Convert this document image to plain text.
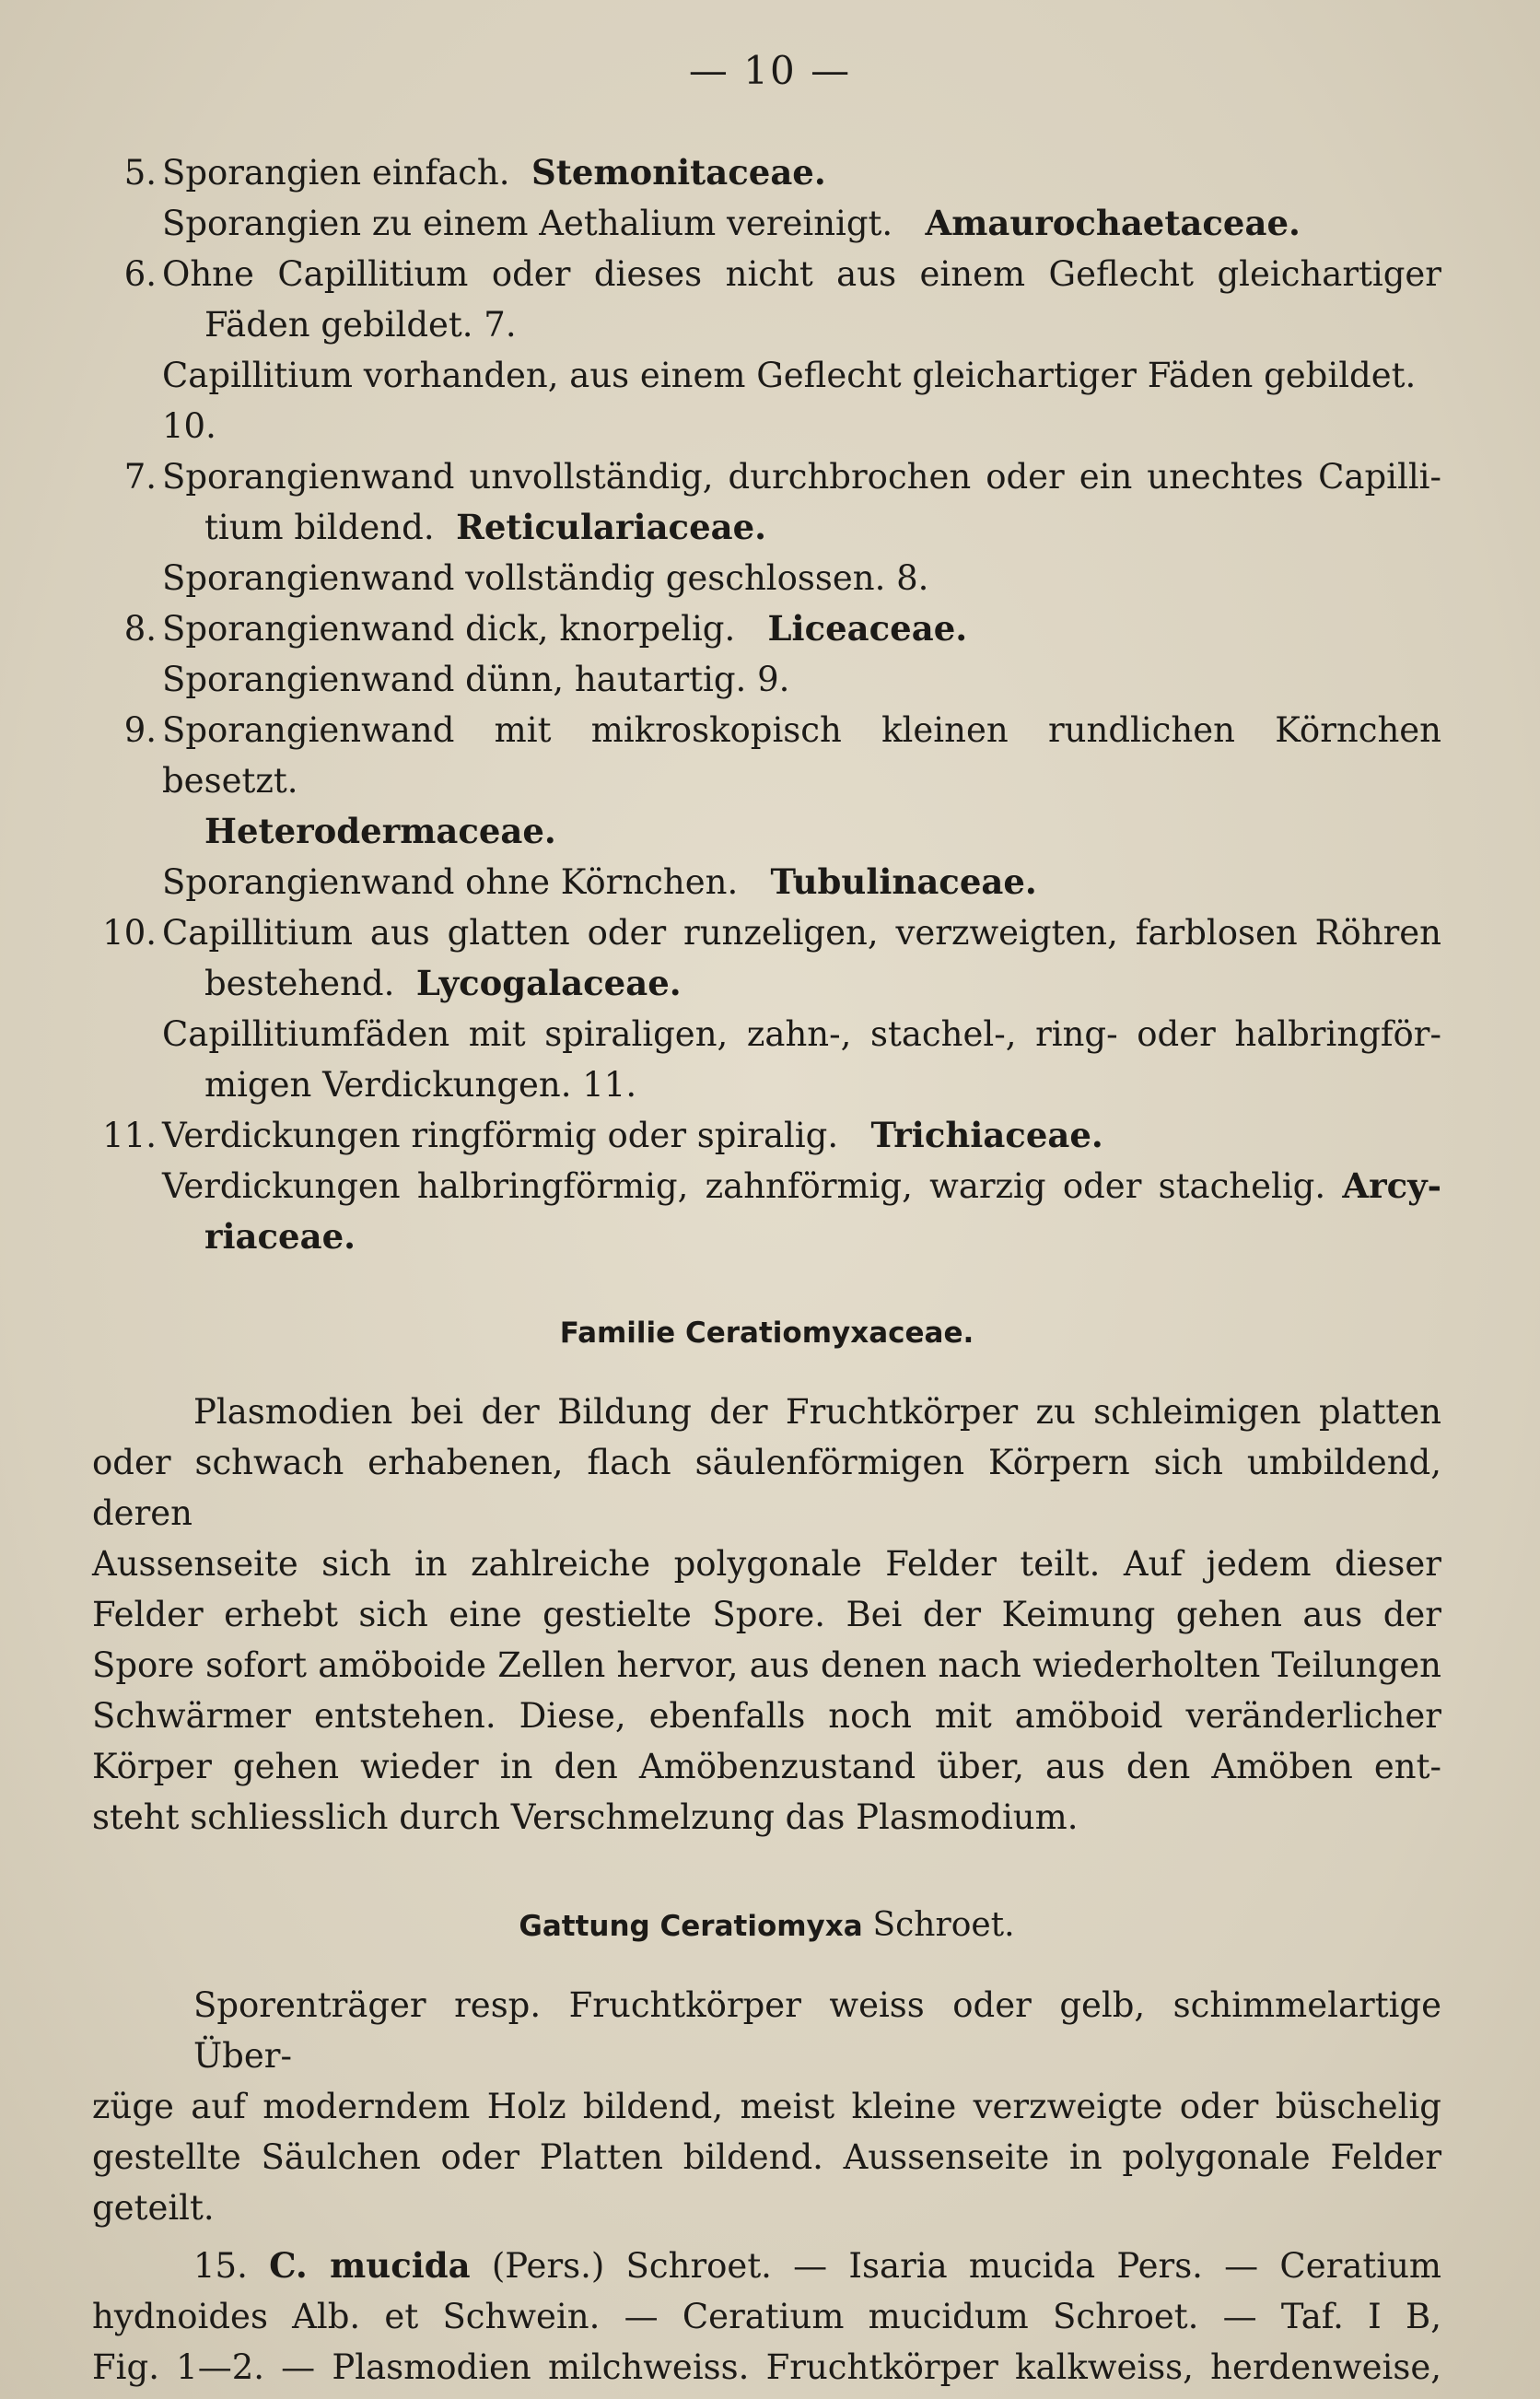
— 10 —
5. Sporangien einfach. Stemonitaceae.
Sporangien zu einem Aethalium vereinigt. Amaurochaetaceae.
6. Ohne Capillitium oder dieses nicht aus einem Geflecht gleichartiger
Fäden gebildet. 7.
Capillitium vorhanden, aus einem Geflecht gleichartiger Fäden gebildet. 10.
7. Sporangienwand unvollständig, durchbrochen oder ein unechtes Capilli-
tium bildend. Reticulariaceae.
Sporangienwand vollständig geschlossen. 8.
8. Sporangienwand dick, knorpelig. Liceaceae.
Sporangienwand dünn, hautartig. 9.
9. Sporangienwand mit mikroskopisch kleinen rundlichen Körnchen besetzt.
Heterodermaceae.
Sporangienwand ohne Körnchen. Tubulinaceae.
10. Capillitium aus glatten oder runzeligen, verzweigten, farblosen Röhren
bestehend. Lycogalaceae.
Capillitiumfäden mit spiraligen, zahn-, stachel-, ring- oder halbringför-
migen Verdickungen. 11.
11. Verdickungen ringförmig oder spiralig. Trichiaceae.
Verdickungen halbringförmig, zahnförmig, warzig oder stachelig. Arcy-
riaceae.
Familie Ceratiomyxaceae.
Plasmodien bei der Bildung der Fruchtkörper zu schleimigen platten
oder schwach erhabenen, flach säulenförmigen Körpern sich umbildend, deren
Aussenseite sich in zahlreiche polygonale Felder teilt. Auf jedem dieser
Felder erhebt sich eine gestielte Spore. Bei der Keimung gehen aus der
Spore sofort amöboide Zellen hervor, aus denen nach wiederholten Teilungen
Schwärmer entstehen. Diese, ebenfalls noch mit amöboid veränderlicher
Körper gehen wieder in den Amöbenzustand über, aus den Amöben ent-
steht schliesslich durch Verschmelzung das Plasmodium.
Gattung Ceratiomyxa Schroet.
Sporenträger resp. Fruchtkörper weiss oder gelb, schimmelartige Über-
züge auf moderndem Holz bildend, meist kleine verzweigte oder büschelig
gestellte Säulchen oder Platten bildend. Aussenseite in polygonale Felder
geteilt.
15. C. mucida (Pers.) Schroet. — Isaria mucida Pers. — Ceratium
hydnoides Alb. et Schwein. — Ceratium mucidum Schroet. — Taf. I B,
Fig. 1—2. — Plasmodien milchweiss. Fruchtkörper kalkweiss, herdenweise,
